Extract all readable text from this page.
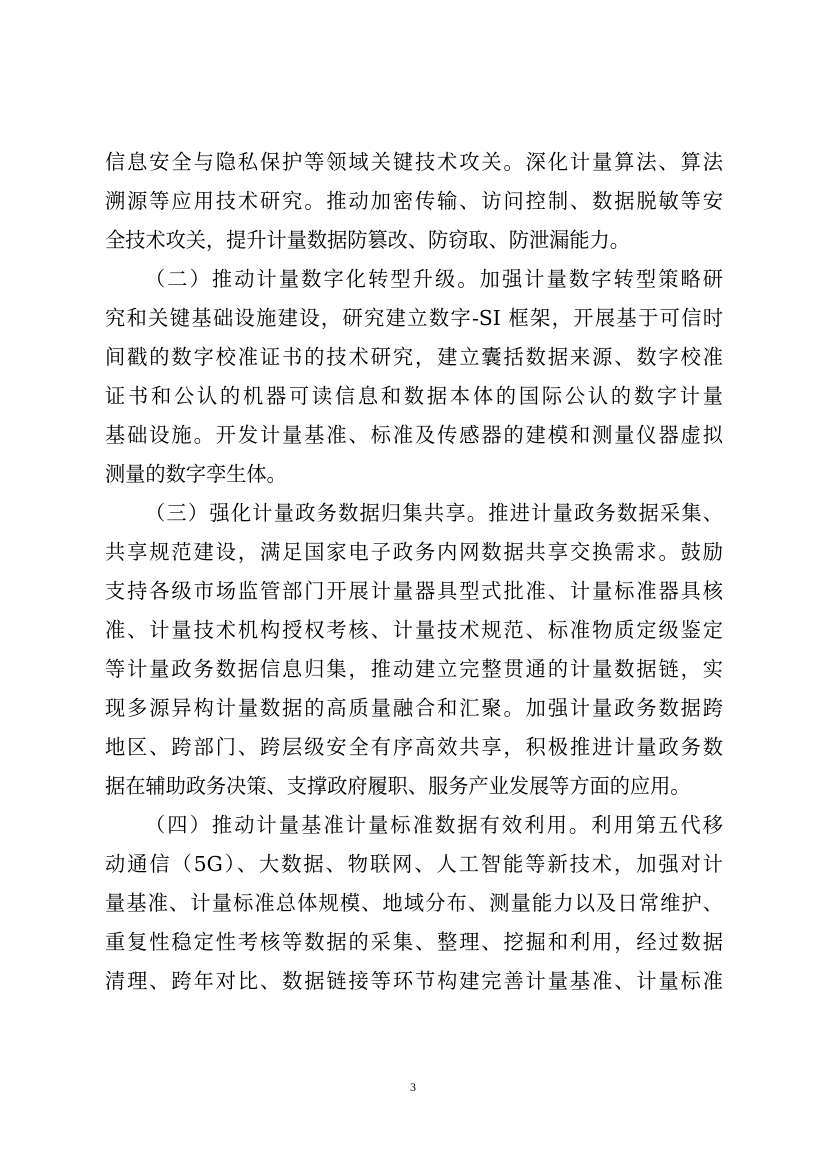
信息安全与隐私保护等领域关键技术攻关。深化计量算法、算法
溯源等应用技术研究。推动加密传输、访问控制、数据脱敏等安
全技术攻关，提升计量数据防篡改、防窃取、防泄漏能力。
（二）推动计量数字化转型升级。加强计量数字转型策略研
究和关键基础设施建设，研究建立数字-SI 框架，开展基于可信时
间戳的数字校准证书的技术研究，建立囊括数据来源、数字校准
证书和公认的机器可读信息和数据本体的国际公认的数字计量
基础设施。开发计量基准、标准及传感器的建模和测量仪器虚拟
测量的数字孪生体。
（三）强化计量政务数据归集共享。推进计量政务数据采集、
共享规范建设，满足国家电子政务内网数据共享交换需求。鼓励
支持各级市场监管部门开展计量器具型式批准、计量标准器具核
准、计量技术机构授权考核、计量技术规范、标准物质定级鉴定
等计量政务数据信息归集，推动建立完整贯通的计量数据链，实
现多源异构计量数据的高质量融合和汇聚。加强计量政务数据跨
地区、跨部门、跨层级安全有序高效共享，积极推进计量政务数
据在辅助政务决策、支撑政府履职、服务产业发展等方面的应用。
（四）推动计量基准计量标准数据有效利用。利用第五代移
动通信（5G）、大数据、物联网、人工智能等新技术，加强对计
量基准、计量标准总体规模、地域分布、测量能力以及日常维护、
重复性稳定性考核等数据的采集、整理、挖掘和利用，经过数据
清理、跨年对比、数据链接等环节构建完善计量基准、计量标准
3
